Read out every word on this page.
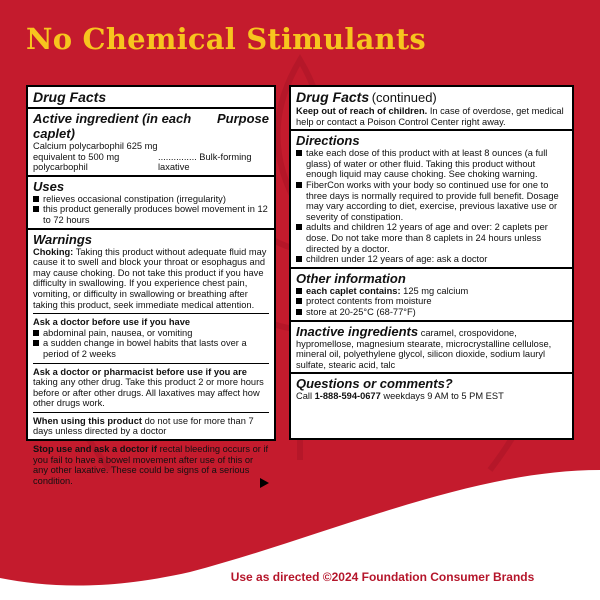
No Chemical Stimulants
Drug Facts
Active ingredient (in each caplet)
Purpose
Calcium polycarbophil 625 mg
equivalent to 500 mg polycarbophil
............... Bulk-forming laxative
Uses
relieves occasional constipation (irregularity)
this product generally produces bowel movement in 12 to 72 hours
Warnings
Choking: Taking this product without adequate fluid may cause it to swell and block your throat or esophagus and may cause choking. Do not take this product if you have difficulty in swallowing. If you experience chest pain, vomiting, or difficulty in swallowing or breathing after taking this product, seek immediate medical attention.
Ask a doctor before use if you have
abdominal pain, nausea, or vomiting
a sudden change in bowel habits that lasts over a period of 2 weeks
Ask a doctor or pharmacist before use if you are taking any other drug. Take this product 2 or more hours before or after other drugs. All laxatives may affect how other drugs work.
When using this product do not use for more than 7 days unless directed by a doctor
Stop use and ask a doctor if rectal bleeding occurs or if you fail to have a bowel movement after use of this or any other laxative. These could be signs of a serious condition.
Drug Facts (continued)
Keep out of reach of children. In case of overdose, get medical help or contact a Poison Control Center right away.
Directions
take each dose of this product with at least 8 ounces (a full glass) of water or other fluid. Taking this product without enough liquid may cause choking. See choking warning.
FiberCon works with your body so continued use for one to three days is normally required to provide full benefit. Dosage may vary according to diet, exercise, previous laxative use or severity of constipation.
adults and children 12 years of age and over: 2 caplets per dose. Do not take more than 8 caplets in 24 hours unless directed by a doctor.
children under 12 years of age: ask a doctor
Other information
each caplet contains: 125 mg calcium
protect contents from moisture
store at 20-25°C (68-77°F)
Inactive ingredients caramel, crospovidone, hypromellose, magnesium stearate, microcrystalline cellulose, mineral oil, polyethylene glycol, silicon dioxide, sodium lauryl sulfate, stearic acid, talc
Questions or comments?
Call 1-888-594-0677 weekdays 9 AM to 5 PM EST

Use as directed ©2024 Foundation Consumer Brands
